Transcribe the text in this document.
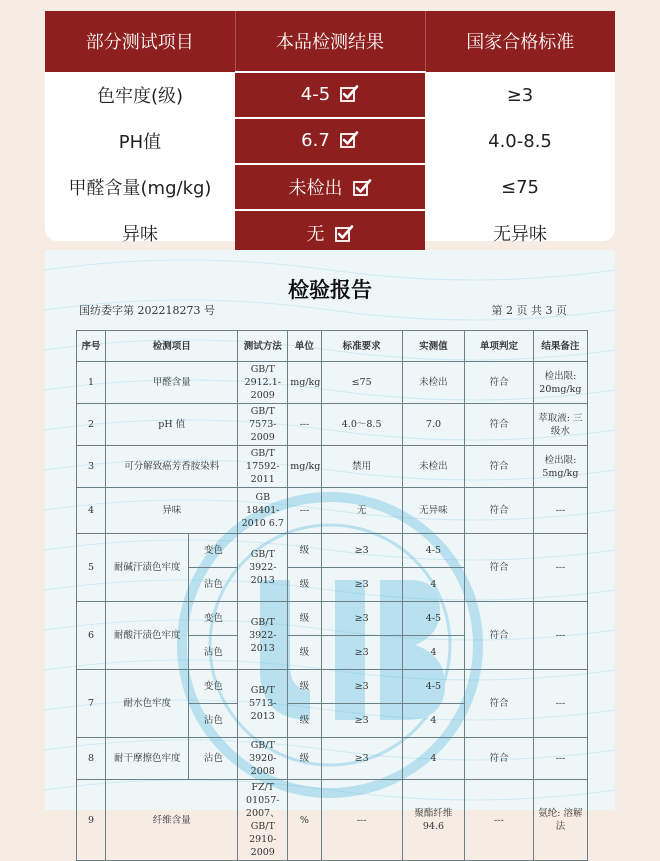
部分测试项目	本品检测结果	国家合格标准
色牢度(级)	4-5	≥3
PH值	6.7	4.0-8.5
甲醛含量(mg/kg)	未检出	≤75
异味	无	无异味
检验报告
国纺委字第 202218273 号	第 2 页 共 3 页
序号	检测项目		测试方法	单位	标准要求	实测值	单项判定	结果备注
1	甲醛含量		GB/T 2912.1-2009	mg/kg	≤75	未检出	符合	检出限: 20mg/kg
2	pH 值		GB/T 7573-2009	---	4.0～8.5	7.0	符合	萃取液: 三级水
3	可分解致癌芳香胺染料		GB/T 17592-2011	mg/kg	禁用	未检出	符合	检出限: 5mg/kg
4	异味		GB 18401-2010 6.7	---	无	无异味	符合	---
5	耐碱汗渍色牢度	变色	GB/T 3922-2013	级	≥3	4-5	符合	---
		沾色		级	≥3	4		
6	耐酸汗渍色牢度	变色	GB/T 3922-2013	级	≥3	4-5	符合	---
		沾色		级	≥3	4		
7	耐水色牢度	变色	GB/T 5713-2013	级	≥3	4-5	符合	---
		沾色		级	≥3	4		
8	耐干摩擦色牢度	沾色	GB/T 3920-2008	级	≥3	4	符合	---
9	纤维含量		FZ/T 01057-2007、GB/T 2910-2009	%	---	聚酯纤维 94.6	---	氨纶: 溶解法
